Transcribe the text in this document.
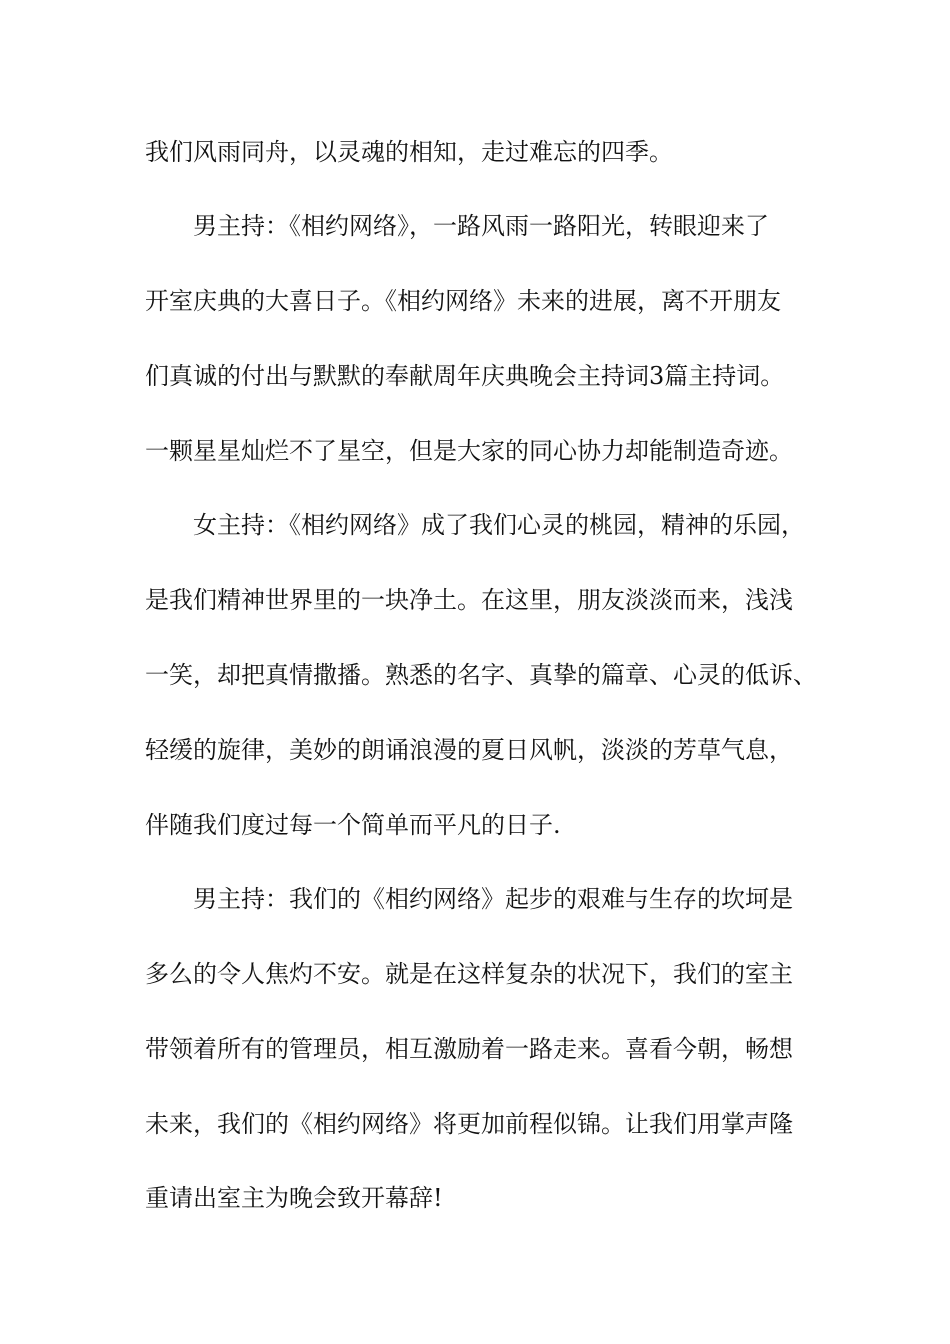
我们风雨同舟，以灵魂的相知，走过难忘的四季。
男主持：《相约网络》，一路风雨一路阳光，转眼迎来了
开室庆典的大喜日子。《相约网络》未来的进展，离不开朋友
们真诚的付出与默默的奉献周年庆典晚会主持词3篇主持词。
一颗星星灿烂不了星空，但是大家的同心协力却能制造奇迹。
女主持：《相约网络》成了我们心灵的桃园，精神的乐园，
是我们精神世界里的一块净土。在这里，朋友淡淡而来，浅浅
一笑，却把真情撒播。熟悉的名字、真挚的篇章、心灵的低诉、
轻缓的旋律，美妙的朗诵浪漫的夏日风帆，淡淡的芳草气息，
伴随我们度过每一个简单而平凡的日子.
男主持：我们的《相约网络》起步的艰难与生存的坎坷是
多么的令人焦灼不安。就是在这样复杂的状况下，我们的室主
带领着所有的管理员，相互激励着一路走来。喜看今朝，畅想
未来，我们的《相约网络》将更加前程似锦。让我们用掌声隆
重请出室主为晚会致开幕辞!
